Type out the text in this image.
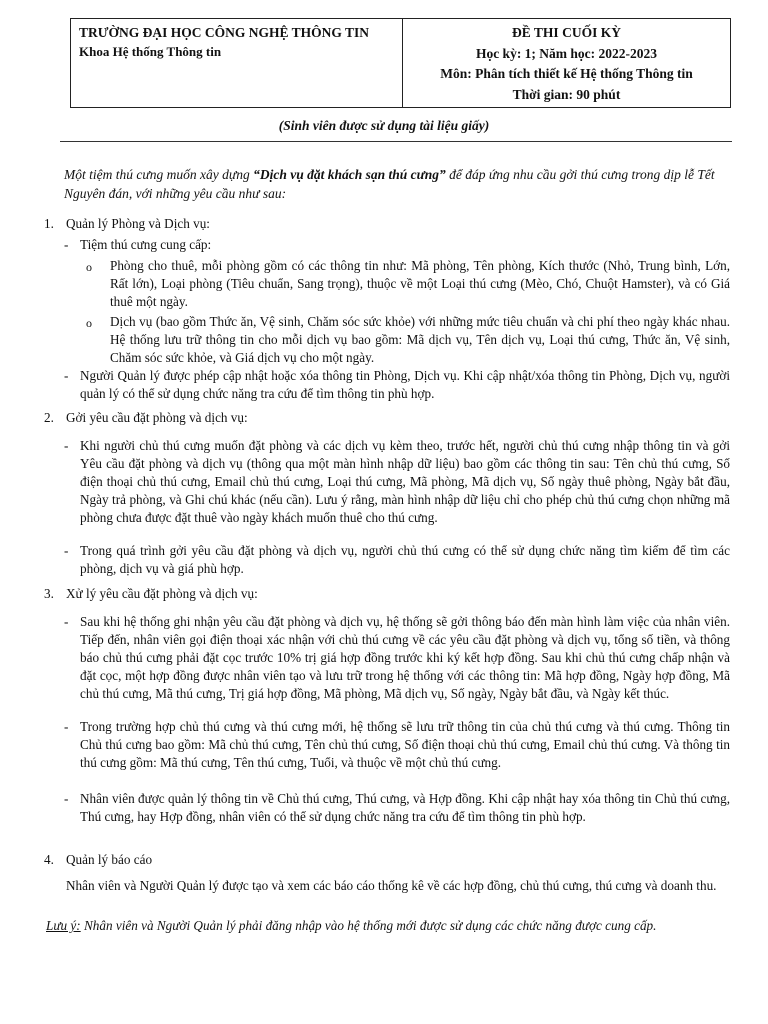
TRƯỜNG ĐẠI HỌC CÔNG NGHỆ THÔNG TIN
Khoa Hệ thống Thông tin
ĐỀ THI CUỐI KỲ
Học kỳ: 1; Năm học: 2022-2023
Môn: Phân tích thiết kế Hệ thống Thông tin
Thời gian: 90 phút
(Sinh viên được sử dụng tài liệu giấy)
Một tiệm thú cưng muốn xây dựng “Dịch vụ đặt khách sạn thú cưng” để đáp ứng nhu cầu gởi thú cưng trong dịp lễ Tết Nguyên đán, với những yêu cầu như sau:
1. Quản lý Phòng và Dịch vụ:
- Tiệm thú cưng cung cấp:
o Phòng cho thuê, mỗi phòng gồm có các thông tin như: Mã phòng, Tên phòng, Kích thước (Nhỏ, Trung bình, Lớn, Rất lớn), Loại phòng (Tiêu chuẩn, Sang trọng), thuộc về một Loại thú cưng (Mèo, Chó, Chuột Hamster), và có Giá thuê một ngày.
o Dịch vụ (bao gồm Thức ăn, Vệ sinh, Chăm sóc sức khỏe) với những mức tiêu chuẩn và chi phí theo ngày khác nhau. Hệ thống lưu trữ thông tin cho mỗi dịch vụ bao gồm: Mã dịch vụ, Tên dịch vụ, Loại thú cưng, Thức ăn, Vệ sinh, Chăm sóc sức khỏe, và Giá dịch vụ cho một ngày.
- Người Quản lý được phép cập nhật hoặc xóa thông tin Phòng, Dịch vụ. Khi cập nhật/xóa thông tin Phòng, Dịch vụ, người quản lý có thể sử dụng chức năng tra cứu để tìm thông tin phù hợp.
2. Gởi yêu cầu đặt phòng và dịch vụ:
- Khi người chủ thú cưng muốn đặt phòng và các dịch vụ kèm theo, trước hết, người chủ thú cưng nhập thông tin và gởi Yêu cầu đặt phòng và dịch vụ (thông qua một màn hình nhập dữ liệu) bao gồm các thông tin sau: Tên chủ thú cưng, Số điện thoại chủ thú cưng, Email chủ thú cưng, Loại thú cưng, Mã phòng, Mã dịch vụ, Số ngày thuê phòng, Ngày bắt đầu, Ngày trả phòng, và Ghi chú khác (nếu cần). Lưu ý rằng, màn hình nhập dữ liệu chỉ cho phép chủ thú cưng chọn những mã phòng chưa được đặt thuê vào ngày khách muốn thuê cho thú cưng.
- Trong quá trình gởi yêu cầu đặt phòng và dịch vụ, người chủ thú cưng có thể sử dụng chức năng tìm kiếm để tìm các phòng, dịch vụ và giá phù hợp.
3. Xử lý yêu cầu đặt phòng và dịch vụ:
- Sau khi hệ thống ghi nhận yêu cầu đặt phòng và dịch vụ, hệ thống sẽ gởi thông báo đến màn hình làm việc của nhân viên. Tiếp đến, nhân viên gọi điện thoại xác nhận với chủ thú cưng về các yêu cầu đặt phòng và dịch vụ, tổng số tiền, và thông báo chủ thú cưng phải đặt cọc trước 10% trị giá hợp đồng trước khi ký kết hợp đồng. Sau khi chủ thú cưng chấp nhận và đặt cọc, một hợp đồng được nhân viên tạo và lưu trữ trong hệ thống với các thông tin: Mã hợp đồng, Ngày hợp đồng, Mã chủ thú cưng, Mã thú cưng, Trị giá hợp đồng, Mã phòng, Mã dịch vụ, Số ngày, Ngày bắt đầu, và Ngày kết thúc.
- Trong trường hợp chủ thú cưng và thú cưng mới, hệ thống sẽ lưu trữ thông tin của chủ thú cưng và thú cưng. Thông tin Chủ thú cưng bao gồm: Mã chủ thú cưng, Tên chủ thú cưng, Số điện thoại chủ thú cưng, Email chủ thú cưng. Và thông tin thú cưng gồm: Mã thú cưng, Tên thú cưng, Tuổi, và thuộc về một chủ thú cưng.
- Nhân viên được quản lý thông tin về Chủ thú cưng, Thú cưng, và Hợp đồng. Khi cập nhật hay xóa thông tin Chủ thú cưng, Thú cưng, hay Hợp đồng, nhân viên có thể sử dụng chức năng tra cứu để tìm thông tin phù hợp.
4. Quản lý báo cáo
Nhân viên và Người Quản lý được tạo và xem các báo cáo thống kê về các hợp đồng, chủ thú cưng, thú cưng và doanh thu.
Lưu ý: Nhân viên và Người Quản lý phải đăng nhập vào hệ thống mới được sử dụng các chức năng được cung cấp.
